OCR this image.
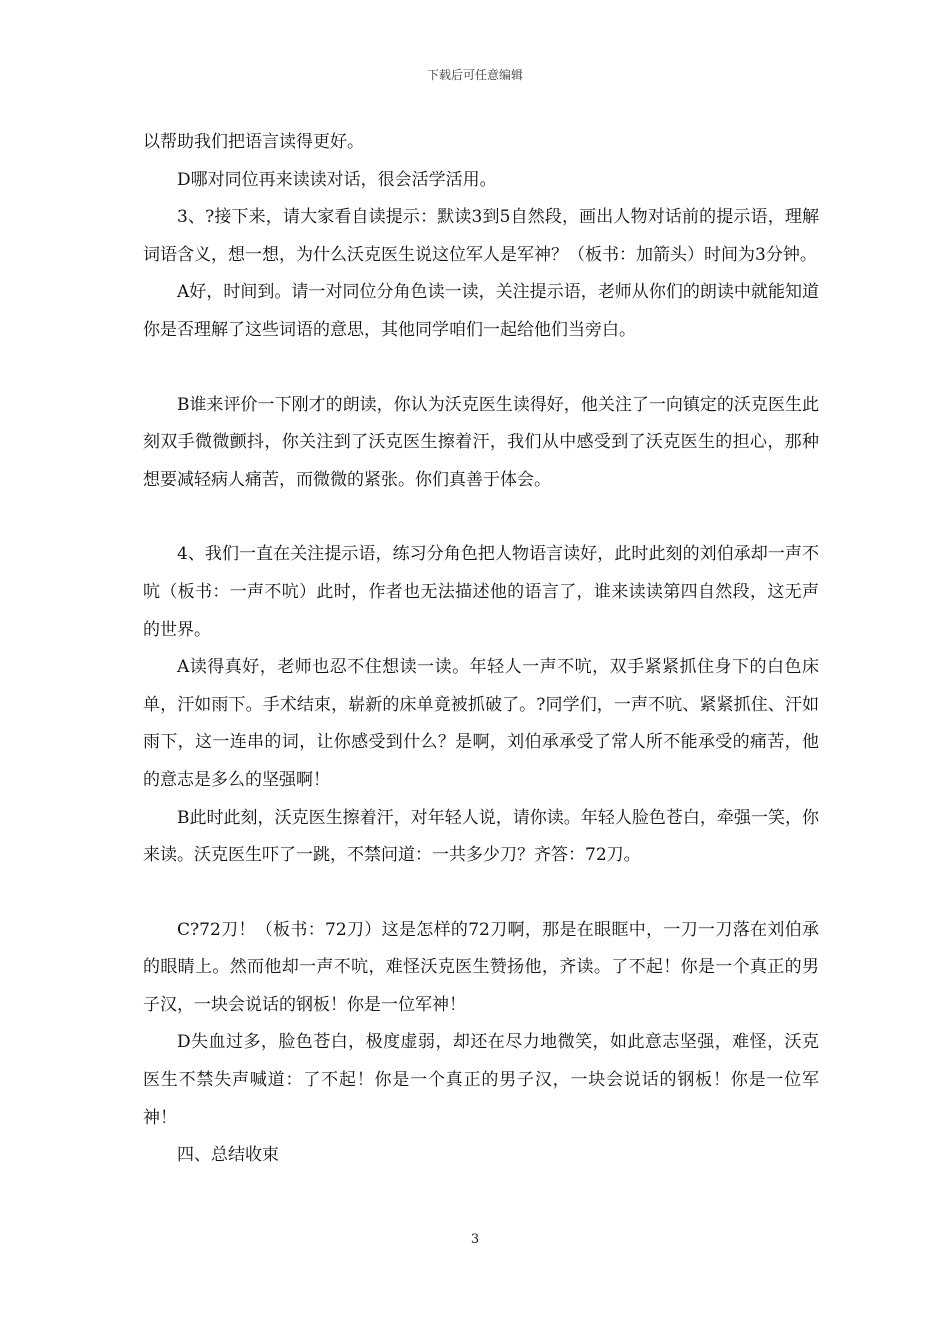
下载后可任意编辑

以帮助我们把语言读得更好。

D哪对同位再来读读对话，很会活学活用。

3、?接下来，请大家看自读提示：默读3到5自然段，画出人物对话前的提示语，理解词语含义，想一想，为什么沃克医生说这位军人是军神？（板书：加箭头）时间为3分钟。

A好，时间到。请一对同位分角色读一读，关注提示语，老师从你们的朗读中就能知道你是否理解了这些词语的意思，其他同学咱们一起给他们当旁白。

B谁来评价一下刚才的朗读，你认为沃克医生读得好，他关注了一向镇定的沃克医生此刻双手微微颤抖，你关注到了沃克医生擦着汗，我们从中感受到了沃克医生的担心，那种想要减轻病人痛苦，而微微的紧张。你们真善于体会。

4、我们一直在关注提示语，练习分角色把人物语言读好，此时此刻的刘伯承却一声不吭（板书：一声不吭）此时，作者也无法描述他的语言了，谁来读读第四自然段，这无声的世界。

A读得真好，老师也忍不住想读一读。年轻人一声不吭，双手紧紧抓住身下的白色床单，汗如雨下。手术结束，崭新的床单竟被抓破了。?同学们，一声不吭、紧紧抓住、汗如雨下，这一连串的词，让你感受到什么？是啊，刘伯承承受了常人所不能承受的痛苦，他的意志是多么的坚强啊！

B此时此刻，沃克医生擦着汗，对年轻人说，请你读。年轻人脸色苍白，牵强一笑，你来读。沃克医生吓了一跳，不禁问道：一共多少刀？齐答：72刀。

C?72刀！（板书：72刀）这是怎样的72刀啊，那是在眼眶中，一刀一刀落在刘伯承的眼睛上。然而他却一声不吭，难怪沃克医生赞扬他，齐读。了不起！你是一个真正的男子汉，一块会说话的钢板！你是一位军神！

D失血过多，脸色苍白，极度虚弱，却还在尽力地微笑，如此意志坚强，难怪，沃克医生不禁失声喊道：了不起！你是一个真正的男子汉，一块会说话的钢板！你是一位军神！

四、总结收束

3
